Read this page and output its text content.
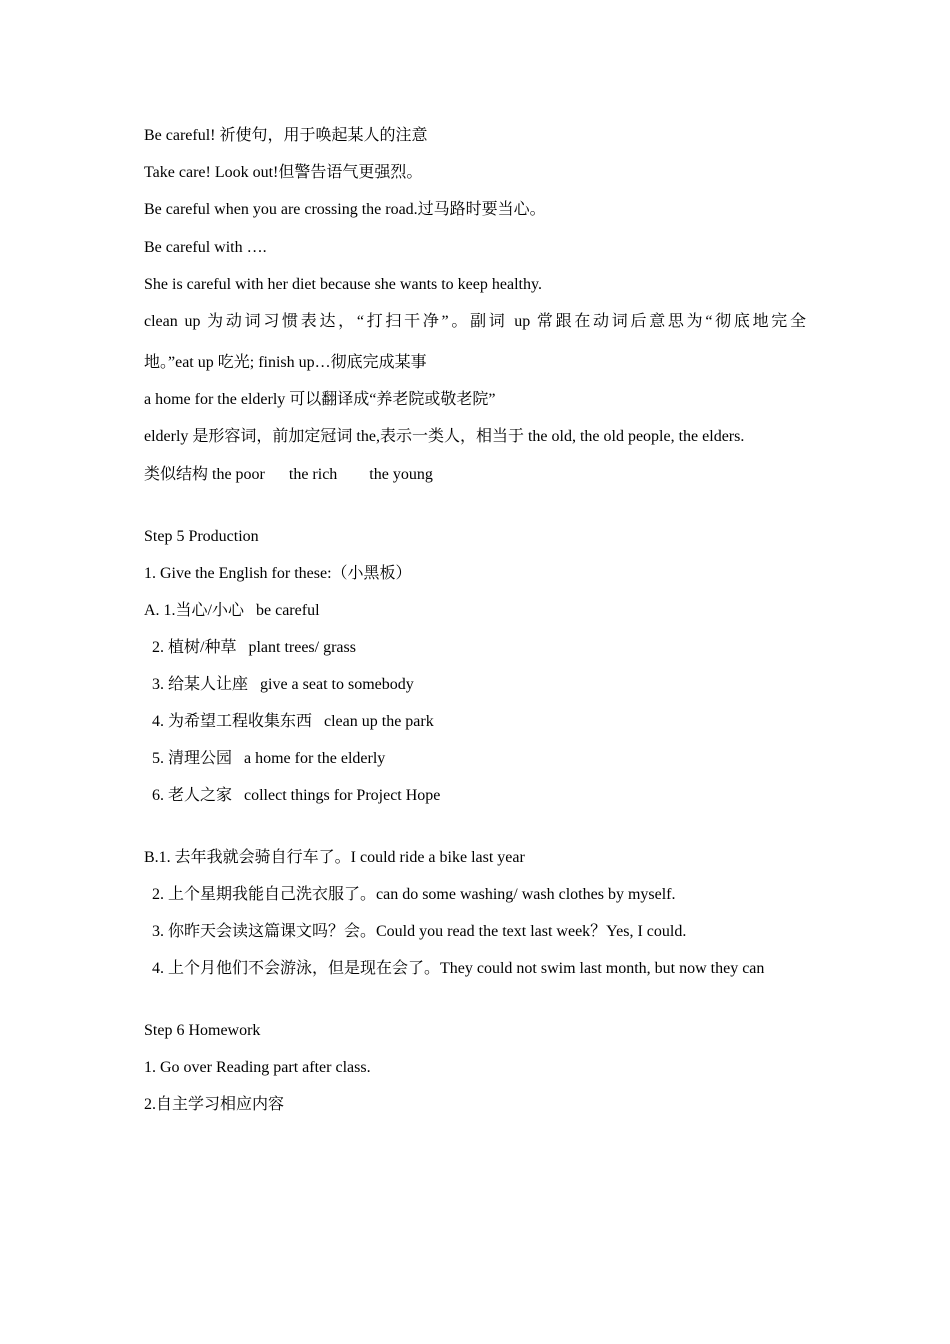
Be careful! 祈使句，用于唤起某人的注意
Take care! Look out!但警告语气更强烈。
Be careful when you are crossing the road.过马路时要当心。
Be careful with ….
She is careful with her diet because she wants to keep healthy.
clean up 为动词习惯表达，“打扫干净”。副词 up 常跟在动词后意思为“彻底地完全
地。”eat up 吃光; finish up…彻底完成某事
a home for the elderly 可以翻译成“养老院或敬老院”
elderly 是形容词，前加定冠词 the,表示一类人，相当于 the old, the old people, the elders.
类似结构 the poor      the rich        the young
Step 5 Production
1. Give the English for these:（小黑板）
A. 1.当心/小心   be careful
2. 植树/种草   plant trees/ grass
3. 给某人让座   give a seat to somebody
4. 为希望工程收集东西   clean up the park
5. 清理公园   a home for the elderly
6. 老人之家   collect things for Project Hope
B.1. 去年我就会骑自行车了。I could ride a bike last year
2. 上个星期我能自己洗衣服了。can do some washing/ wash clothes by myself.
3. 你昨天会读这篇课文吗？会。Could you read the text last week？Yes, I could.
4. 上个月他们不会游泳，但是现在会了。They could not swim last month, but now they can
Step 6 Homework
1. Go over Reading part after class.
2.自主学习相应内容
